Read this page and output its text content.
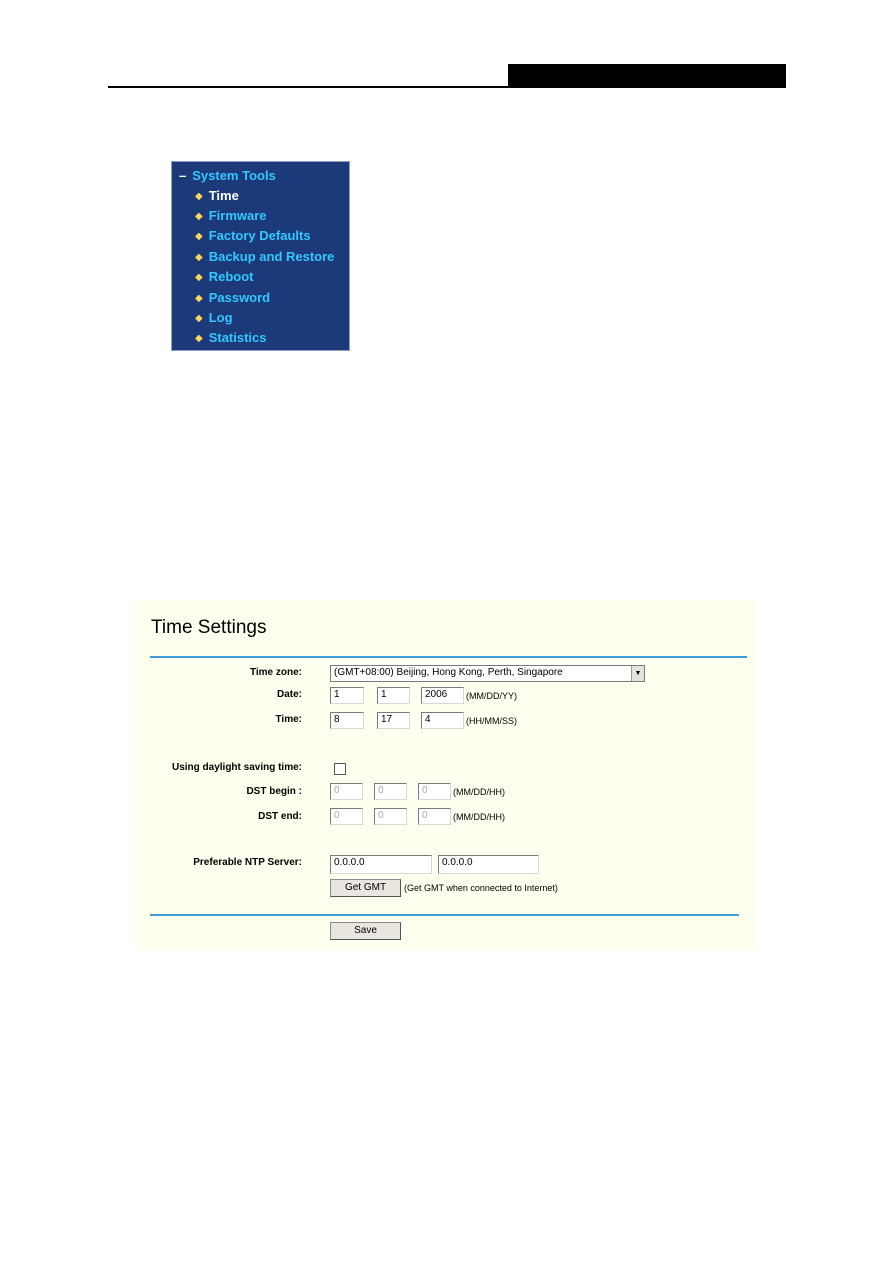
– System Tools
◆ Time
◆ Firmware
◆ Factory Defaults
◆ Backup and Restore
◆ Reboot
◆ Password
◆ Log
◆ Statistics
Time Settings
Time zone:	(GMT+08:00) Beijing, Hong Kong, Perth, Singapore	▼
Date:	1	1	2006	(MM/DD/YY)
Time:	8	17	4	(HH/MM/SS)
Using daylight saving time:
DST begin :	0	0	0	(MM/DD/HH)
DST end:	0	0	0	(MM/DD/HH)
Preferable NTP Server:	0.0.0.0	0.0.0.0
Get GMT	(Get GMT when connected to Internet)
Save
